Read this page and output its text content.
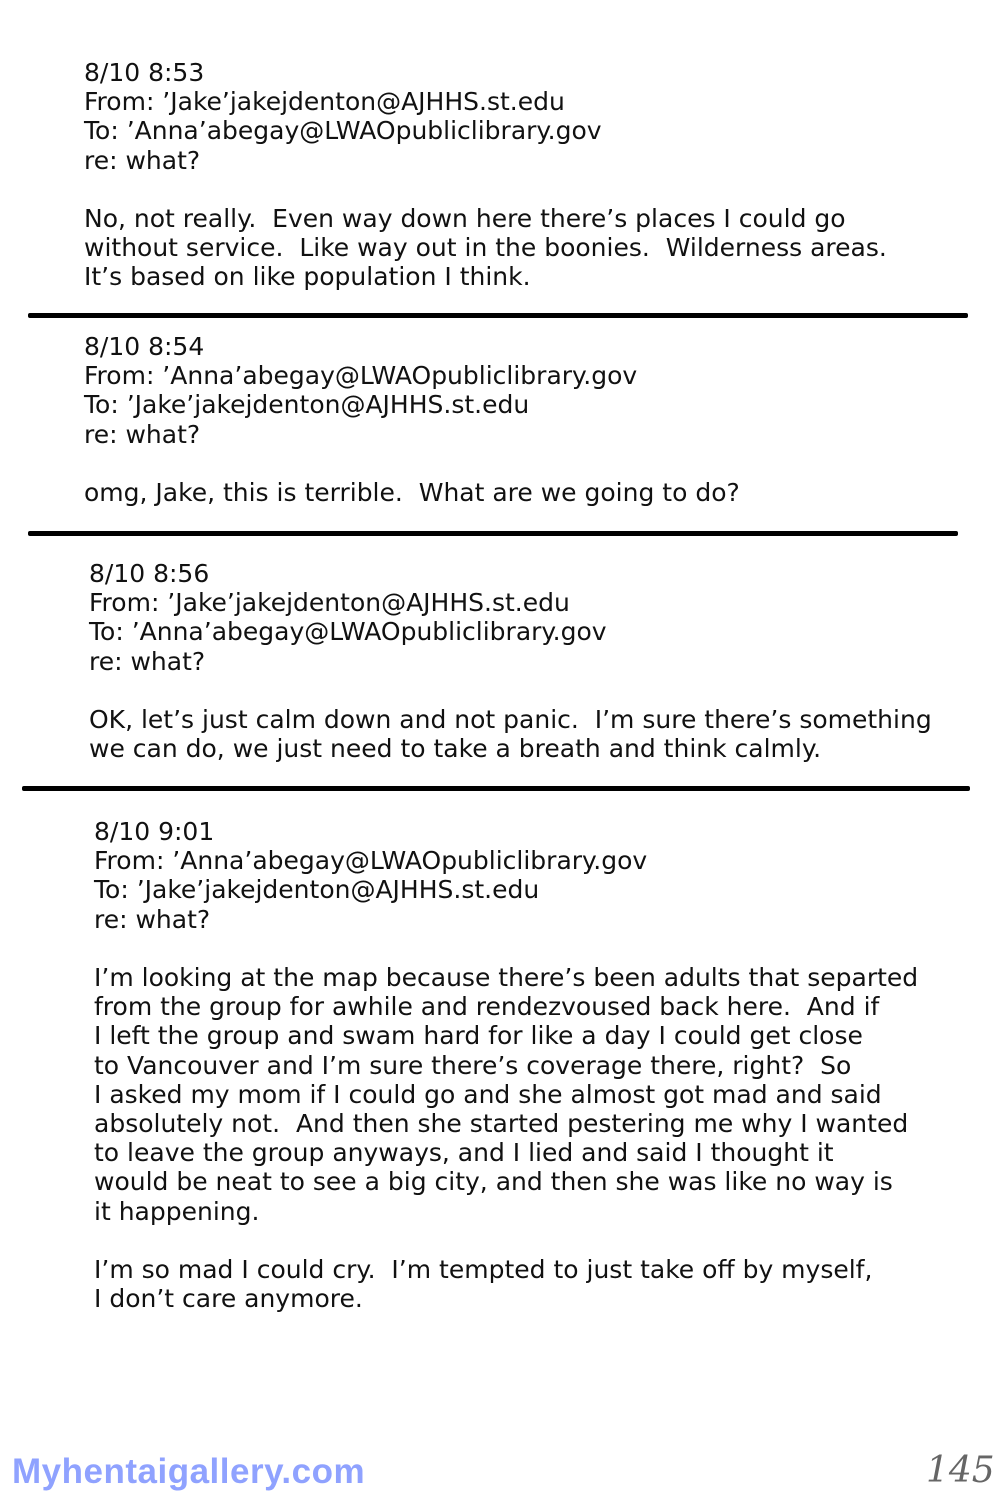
8/10 8:53
From: ’Jake’jakejdenton@AJHHS.st.edu
To: ’Anna’abegay@LWAOpubliclibrary.gov
re: what?
No, not really.  Even way down here there’s places I could go
without service.  Like way out in the boonies.  Wilderness areas.
It’s based on like population I think.
8/10 8:54
From: ’Anna’abegay@LWAOpubliclibrary.gov
To: ’Jake’jakejdenton@AJHHS.st.edu
re: what?
omg, Jake, this is terrible.  What are we going to do?
8/10 8:56
From: ’Jake’jakejdenton@AJHHS.st.edu
To: ’Anna’abegay@LWAOpubliclibrary.gov
re: what?
OK, let’s just calm down and not panic.  I’m sure there’s something
we can do, we just need to take a breath and think calmly.
8/10 9:01
From: ’Anna’abegay@LWAOpubliclibrary.gov
To: ’Jake’jakejdenton@AJHHS.st.edu
re: what?
I’m looking at the map because there’s been adults that separted
from the group for awhile and rendezvoused back here.  And if
I left the group and swam hard for like a day I could get close
to Vancouver and I’m sure there’s coverage there, right?  So
I asked my mom if I could go and she almost got mad and said
absolutely not.  And then she started pestering me why I wanted
to leave the group anyways, and I lied and said I thought it
would be neat to see a big city, and then she was like no way is
it happening.
I’m so mad I could cry.  I’m tempted to just take off by myself,
I don’t care anymore.
Myhentaigallery.com	145
